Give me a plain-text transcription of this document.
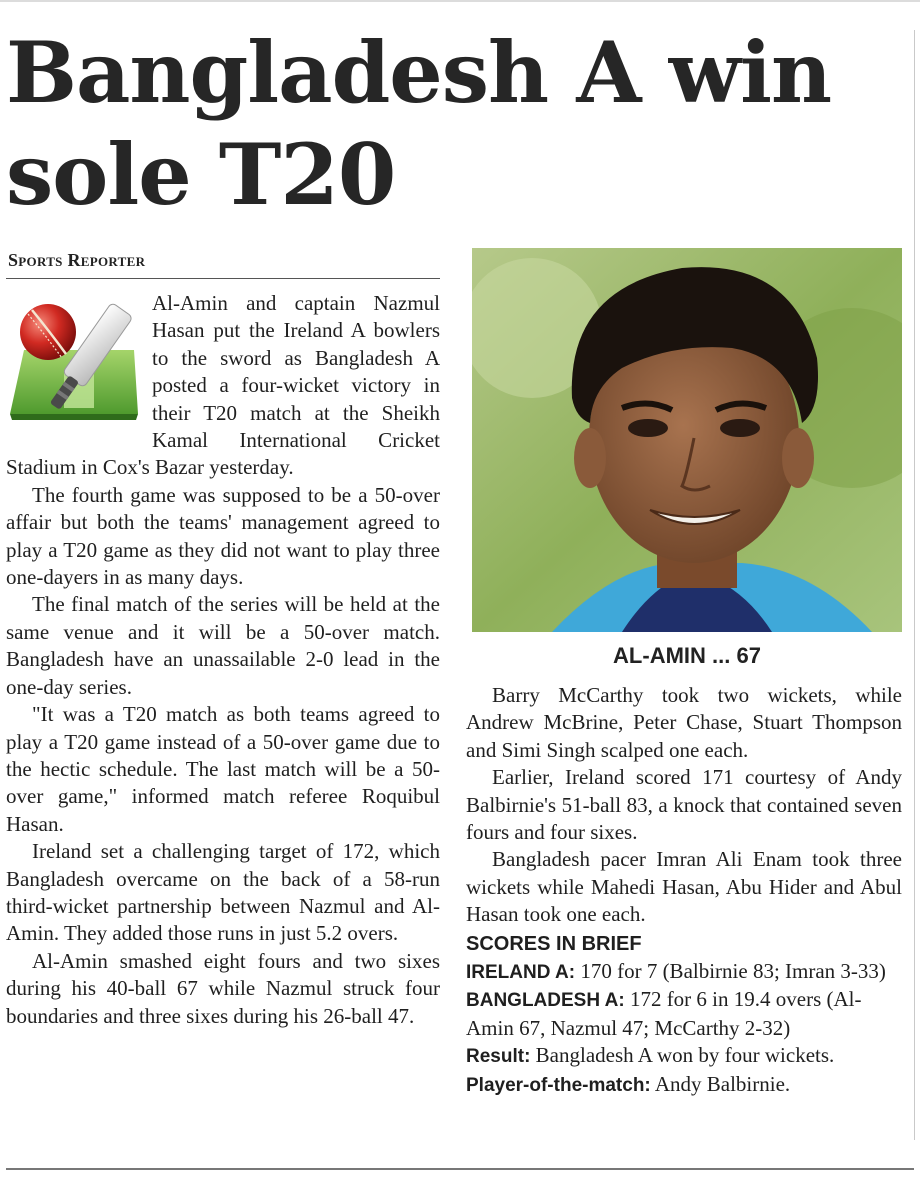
Bangladesh A win sole T20
Sports Reporter

Al-Amin and captain Nazmul Hasan put the Ireland A bowlers to the sword as Bangladesh A posted a four-wicket victory in their T20 match at the Sheikh Kamal International Cricket Stadium in Cox's Bazar yesterday.

The fourth game was supposed to be a 50-over affair but both the teams' management agreed to play a T20 game as they did not want to play three one-dayers in as many days.

The final match of the series will be held at the same venue and it will be a 50-over match. Bangladesh have an unassailable 2-0 lead in the one-day series.

"It was a T20 match as both teams agreed to play a T20 game instead of a 50-over game due to the hectic schedule. The last match will be a 50-over game," informed match referee Roquibul Hasan.

Ireland set a challenging target of 172, which Bangladesh overcame on the back of a 58-run third-wicket partnership between Nazmul and Al-Amin. They added those runs in just 5.2 overs.

Al-Amin smashed eight fours and two sixes during his 40-ball 67 while Nazmul struck four boundaries and three sixes during his 26-ball 47.

AL-AMIN ... 67

Barry McCarthy took two wickets, while Andrew McBrine, Peter Chase, Stuart Thompson and Simi Singh scalped one each.

Earlier, Ireland scored 171 courtesy of Andy Balbirnie's 51-ball 83, a knock that contained seven fours and four sixes.

Bangladesh pacer Imran Ali Enam took three wickets while Mahedi Hasan, Abu Hider and Abul Hasan took one each.

SCORES IN BRIEF

IRELAND A: 170 for 7 (Balbirnie 83; Imran 3-33)

BANGLADESH A: 172 for 6 in 19.4 overs (Al-Amin 67, Nazmul 47; McCarthy 2-32)

Result: Bangladesh A won by four wickets.

Player-of-the-match: Andy Balbirnie.
